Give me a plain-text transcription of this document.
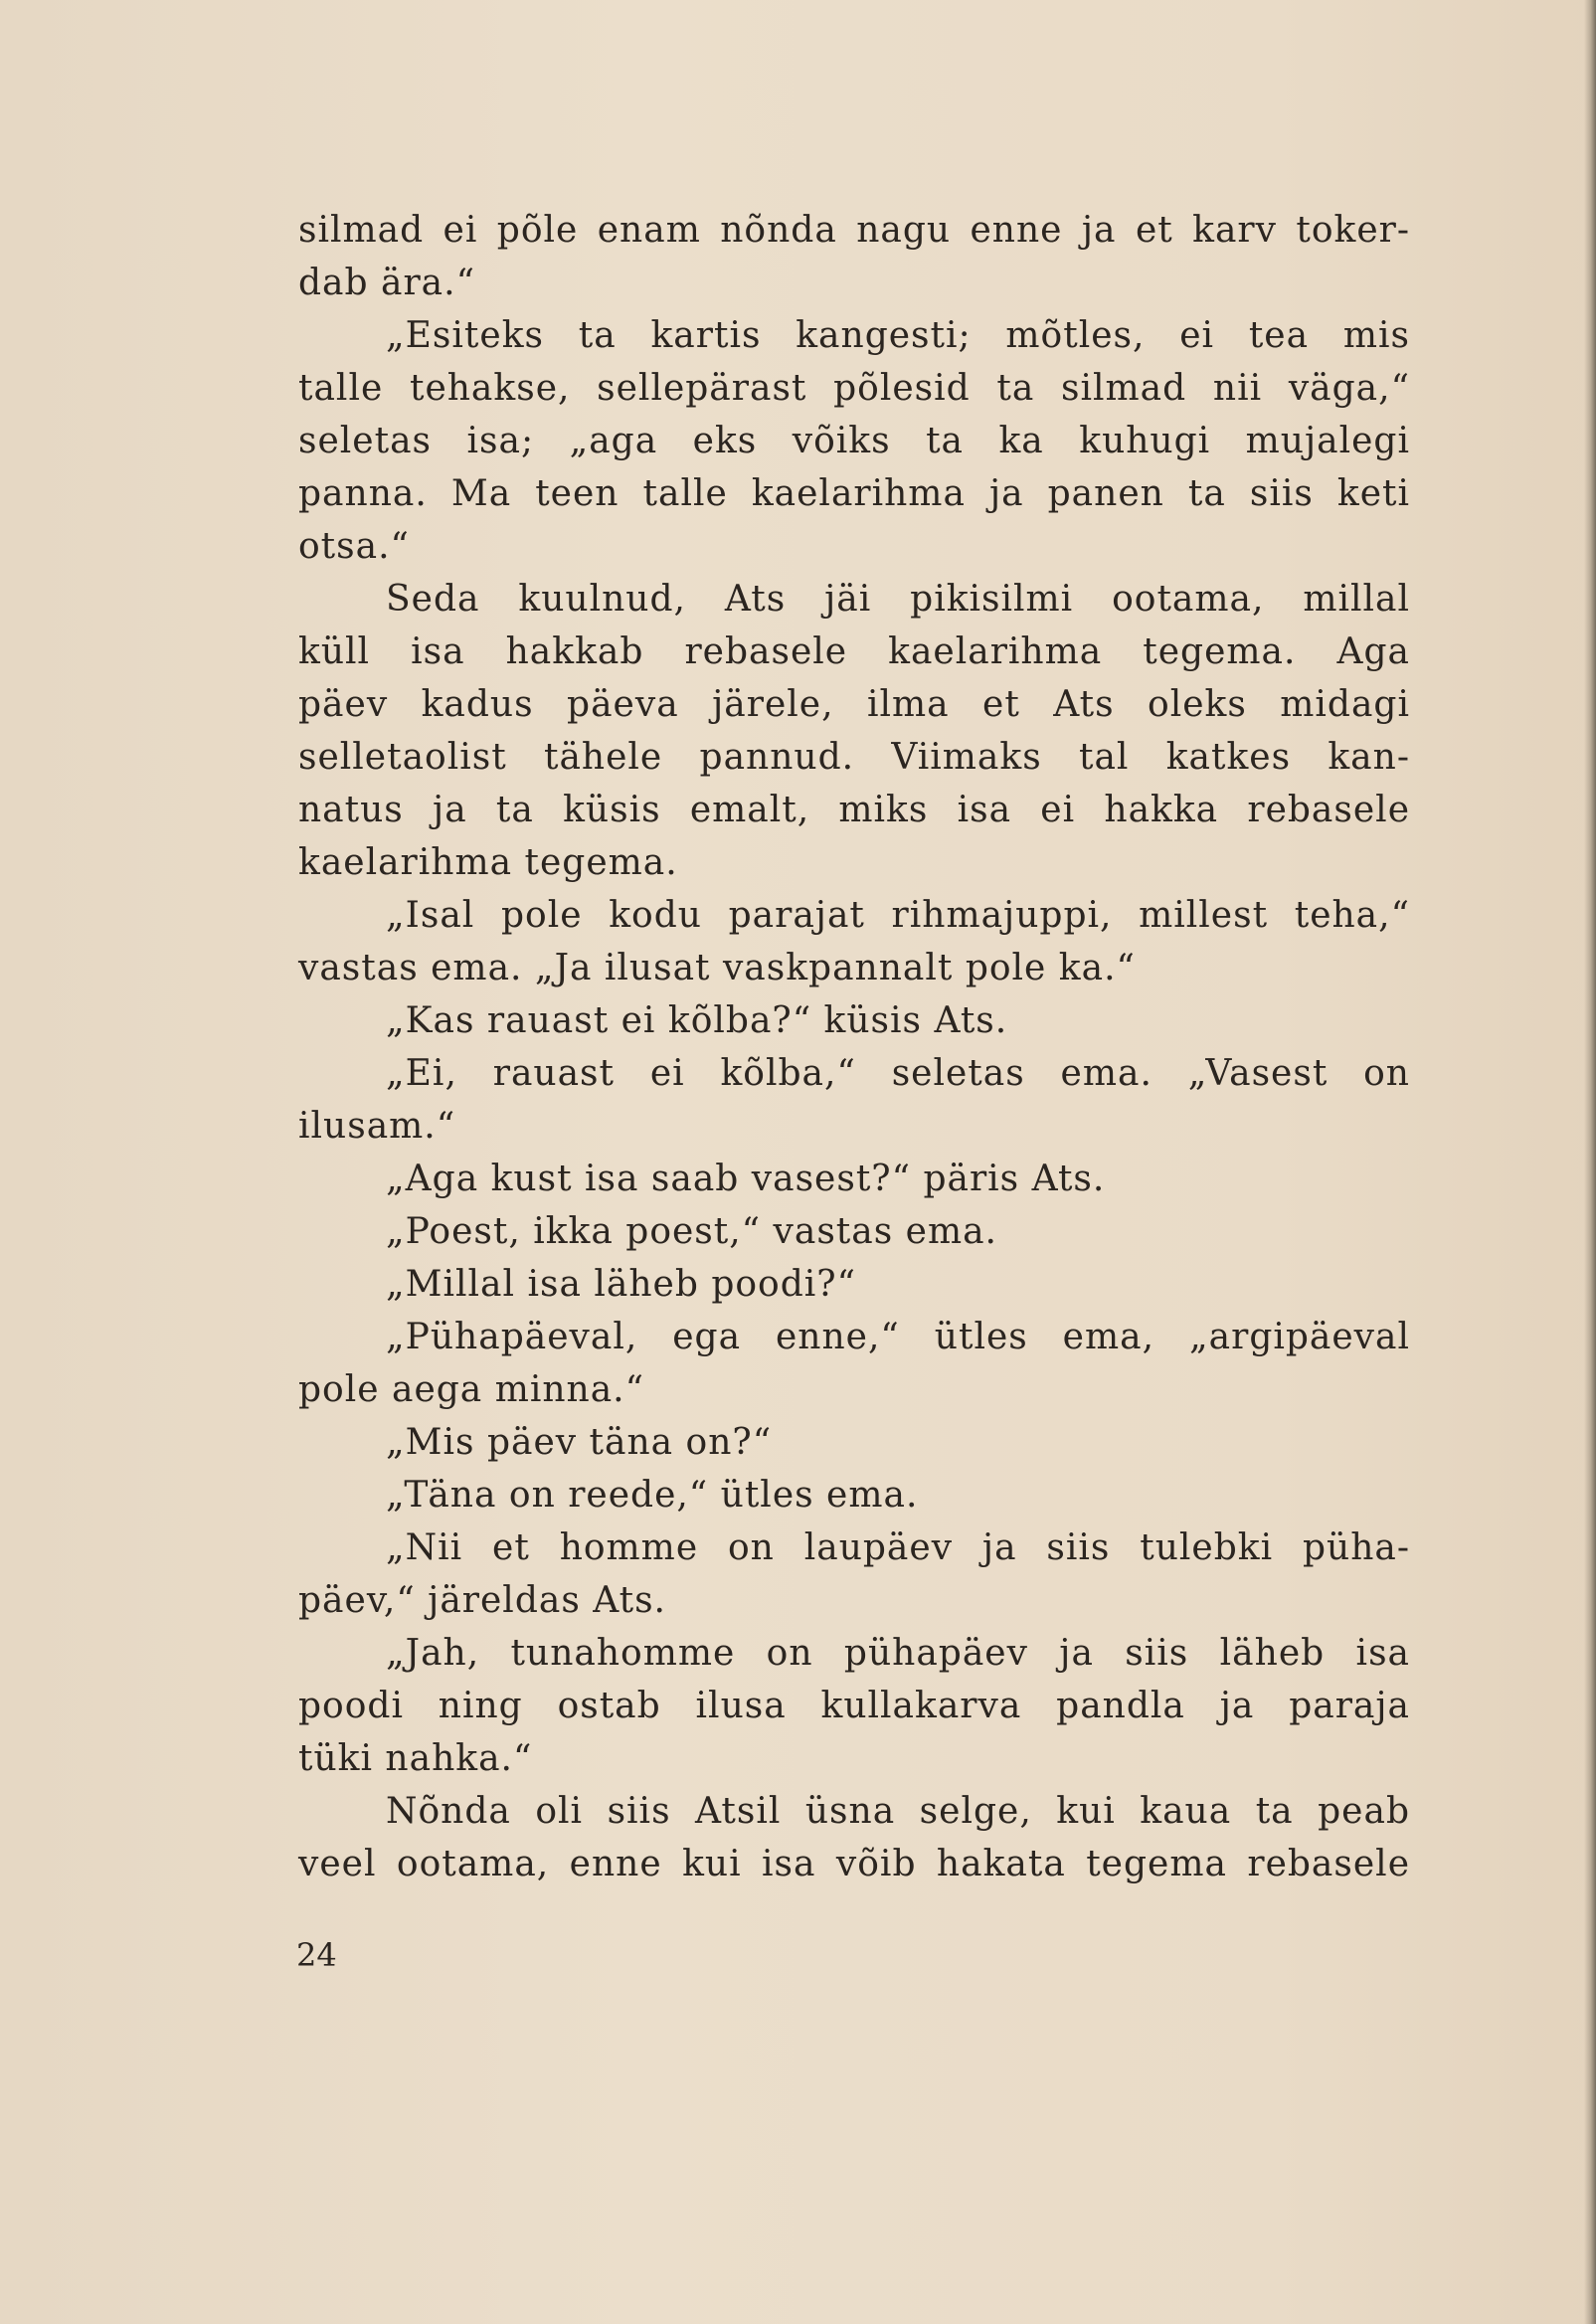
silmad ei põle enam nõnda nagu enne ja et karv toker-
dab ära.“
„Esiteks ta kartis kangesti; mõtles, ei tea mis
talle tehakse, sellepärast põlesid ta silmad nii väga,“
seletas isa; „aga eks võiks ta ka kuhugi mujalegi
panna. Ma teen talle kaelarihma ja panen ta siis keti
otsa.“
Seda kuulnud, Ats jäi pikisilmi ootama, millal
küll isa hakkab rebasele kaelarihma tegema. Aga
päev kadus päeva järele, ilma et Ats oleks midagi
selletaolist tähele pannud. Viimaks tal katkes kan-
natus ja ta küsis emalt, miks isa ei hakka rebasele
kaelarihma tegema.
„Isal pole kodu parajat rihmajuppi, millest teha,“
vastas ema. „Ja ilusat vaskpannalt pole ka.“
„Kas rauast ei kõlba?“ küsis Ats.
„Ei, rauast ei kõlba,“ seletas ema. „Vasest on
ilusam.“
„Aga kust isa saab vasest?“ päris Ats.
„Poest, ikka poest,“ vastas ema.
„Millal isa läheb poodi?“
„Pühapäeval, ega enne,“ ütles ema, „argipäeval
pole aega minna.“
„Mis päev täna on?“
„Täna on reede,“ ütles ema.
„Nii et homme on laupäev ja siis tulebki püha-
päev,“ järeldas Ats.
„Jah, tunahomme on pühapäev ja siis läheb isa
poodi ning ostab ilusa kullakarva pandla ja paraja
tüki nahka.“
Nõnda oli siis Atsil üsna selge, kui kaua ta peab
veel ootama, enne kui isa võib hakata tegema rebasele
24
